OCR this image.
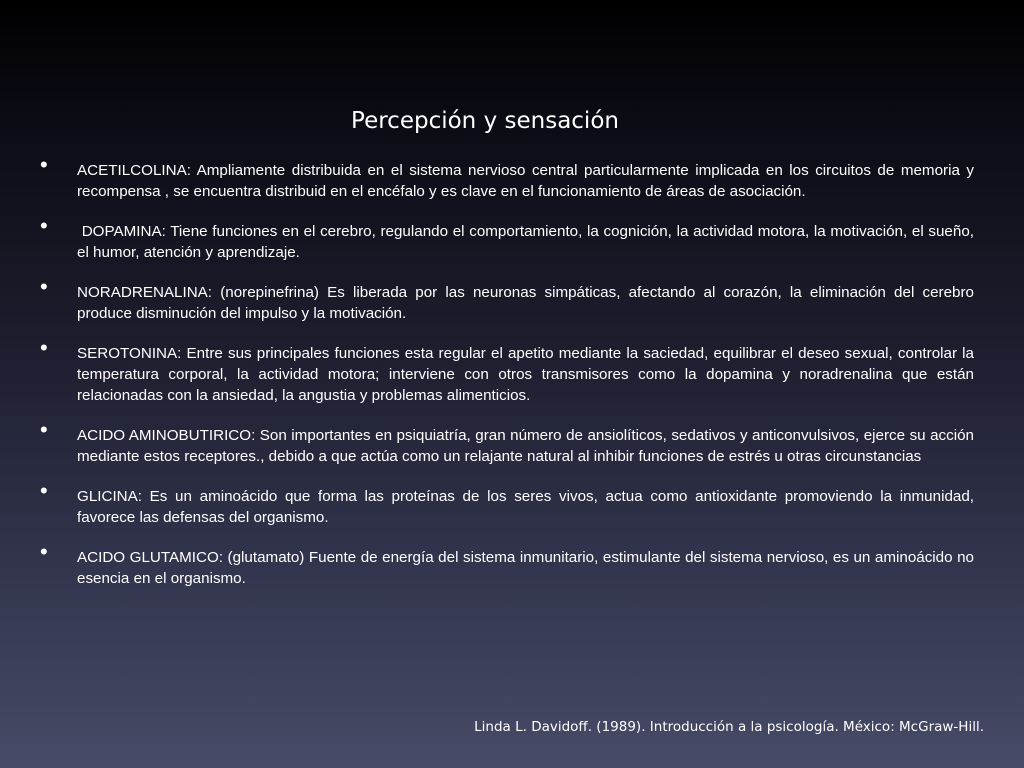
Percepción y sensación
• ACETILCOLINA: Ampliamente distribuida en el sistema nervioso central particularmente implicada en los circuitos de memoria y recompensa , se encuentra distribuid en el encéfalo y es clave en el funcionamiento de áreas de asociación.
• DOPAMINA: Tiene funciones en el cerebro, regulando el comportamiento, la cognición, la actividad motora, la motivación, el sueño, el humor, atención y aprendizaje.
• NORADRENALINA: (norepinefrina) Es liberada por las neuronas simpáticas, afectando al corazón, la eliminación del cerebro produce disminución del impulso y la motivación.
• SEROTONINA: Entre sus principales funciones esta regular el apetito mediante la saciedad, equilibrar el deseo sexual, controlar la temperatura corporal, la actividad motora; interviene con otros transmisores como la dopamina y noradrenalina que están relacionadas con la ansiedad, la angustia y problemas alimenticios.
• ACIDO AMINOBUTIRICO: Son importantes en psiquiatría, gran número de ansiolíticos, sedativos y anticonvulsivos, ejerce su acción mediante estos receptores., debido a que actúa como un relajante natural al inhibir funciones de estrés u otras circunstancias
• GLICINA: Es un aminoácido que forma las proteínas de los seres vivos, actua como antioxidante promoviendo la inmunidad, favorece las defensas del organismo.
• ACIDO GLUTAMICO: (glutamato) Fuente de energía del sistema inmunitario, estimulante del sistema nervioso, es un aminoácido no esencia en el organismo.
Linda L. Davidoff. (1989). Introducción a la psicología. México: McGraw-Hill.
